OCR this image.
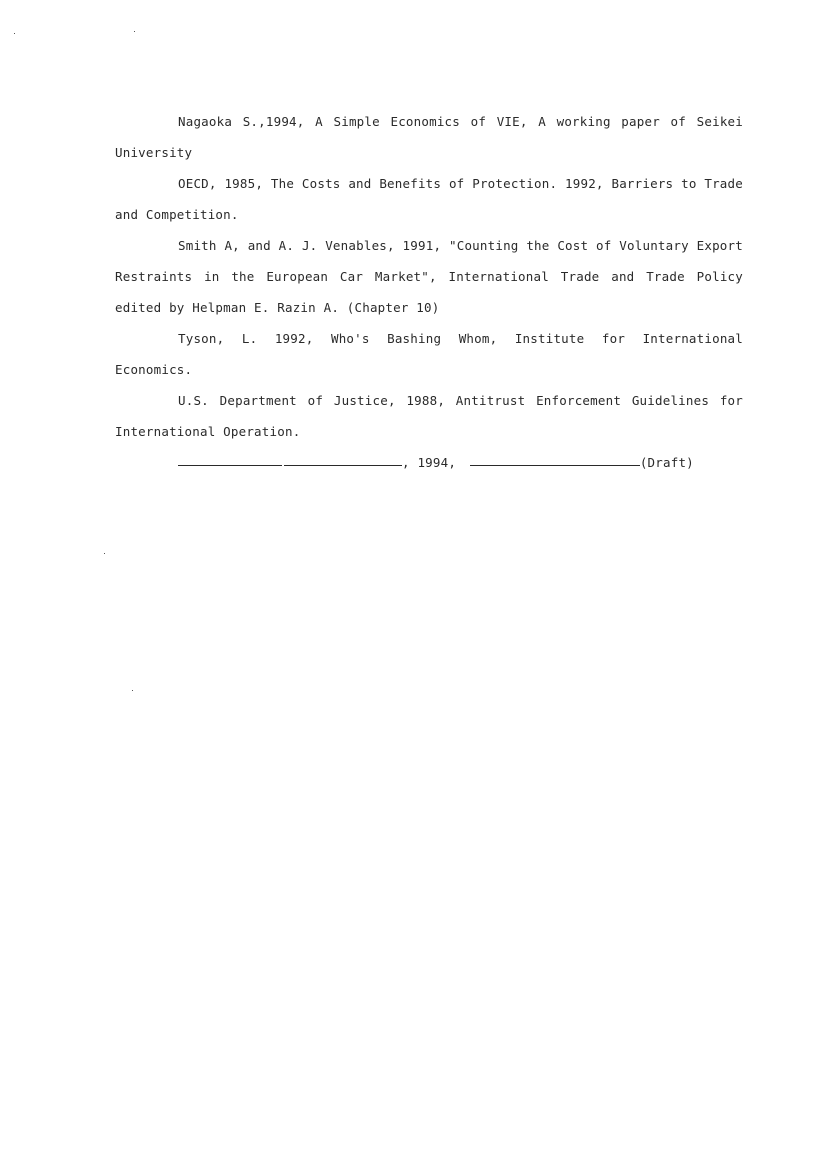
Nagaoka S.,1994, A Simple Economics of VIE, A working paper of Seikei University

OECD, 1985, The Costs and Benefits of Protection. 1992, Barriers to Trade and Competition.

Smith A, and A. J. Venables, 1991, "Counting the Cost of Voluntary Export Restraints in the European Car Market", International Trade and Trade Policy edited by Helpman E. Razin A. (Chapter 10)

Tyson, L. 1992, Who's Bashing Whom, Institute for International Economics.

U.S. Department of Justice, 1988, Antitrust Enforcement Guidelines for International Operation.

, 1994,	(Draft)
